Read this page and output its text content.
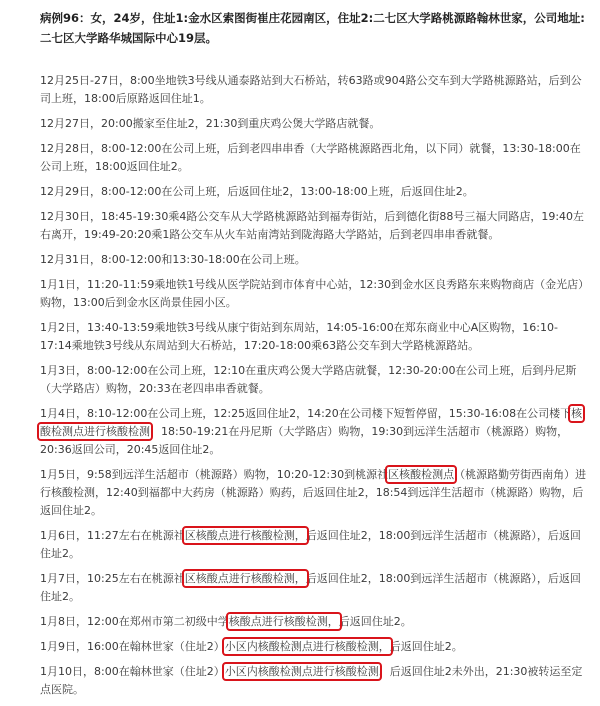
病例96：女，24岁，住址1:金水区索图街崔庄花园南区，住址2:二七区大学路桃源路翰林世家，公司地址:二七区大学路华城国际中心19层。
12月25日-27日，8:00坐地铁3号线从通泰路站到大石桥站，转63路或904路公交车到大学路桃源路站，后到公司上班，18:00后原路返回住址1。
12月27日，20:00搬家至住址2，21:30到重庆鸡公煲大学路店就餐。
12月28日，8:00-12:00在公司上班，后到老四串串香（大学路桃源路西北角，以下同）就餐，13:30-18:00在公司上班，18:00返回住址2。
12月29日，8:00-12:00在公司上班，后返回住址2，13:00-18:00上班，后返回住址2。
12月30日，18:45-19:30乘4路公交车从大学路桃源路站到福寿街站，后到德化街88号三福大同路店，19:40左右离开，19:49-20:20乘1路公交车从火车站南湾站到陇海路大学路站，后到老四串串香就餐。
12月31日，8:00-12:00和13:30-18:00在公司上班。
1月1日，11:20-11:59乘地铁1号线从医学院站到市体育中心站，12:30到金水区良秀路东来购物商店（金光店）购物，13:00后到金水区尚景佳园小区。
1月2日，13:40-13:59乘地铁3号线从康宁街站到东周站，14:05-16:00在郑东商业中心A区购物，16:10-17:14乘地铁3号线从东周站到大石桥站，17:20-18:00乘63路公交车到大学路桃源路站。
1月3日，8:00-12:00在公司上班，12:10在重庆鸡公煲大学路店就餐，12:30-20:00在公司上班，后到丹尼斯（大学路店）购物，20:33在老四串串香就餐。
1月4日，8:10-12:00在公司上班，12:25返回住址2，14:20在公司楼下短暂停留，15:30-16:08在公司楼下核酸检测点进行核酸检测，18:50-19:21在丹尼斯（大学路店）购物，19:30到远洋生活超市（桃源路）购物，20:36返回公司，20:45返回住址2。
1月5日，9:58到远洋生活超市（桃源路）购物，10:20-12:30到桃源社区核酸检测点（桃源路勤劳街西南角）进行核酸检测，12:40到福都中大药房（桃源路）购药，后返回住址2，18:54到远洋生活超市（桃源路）购物，后返回住址2。
1月6日，11:27左右在桃源社区核酸点进行核酸检测，后返回住址2，18:00到远洋生活超市（桃源路），后返回住址2。
1月7日，10:25左右在桃源社区核酸点进行核酸检测，后返回住址2，18:00到远洋生活超市（桃源路），后返回住址2。
1月8日，12:00在郑州市第二初级中学核酸点进行核酸检测，后返回住址2。
1月9日，16:00在翰林世家（住址2）小区内核酸检测点进行核酸检测，后返回住址2。
1月10日，8:00在翰林世家（住址2）小区内核酸检测点进行核酸检测，后返回住址2未外出，21:30被转运至定点医院。
